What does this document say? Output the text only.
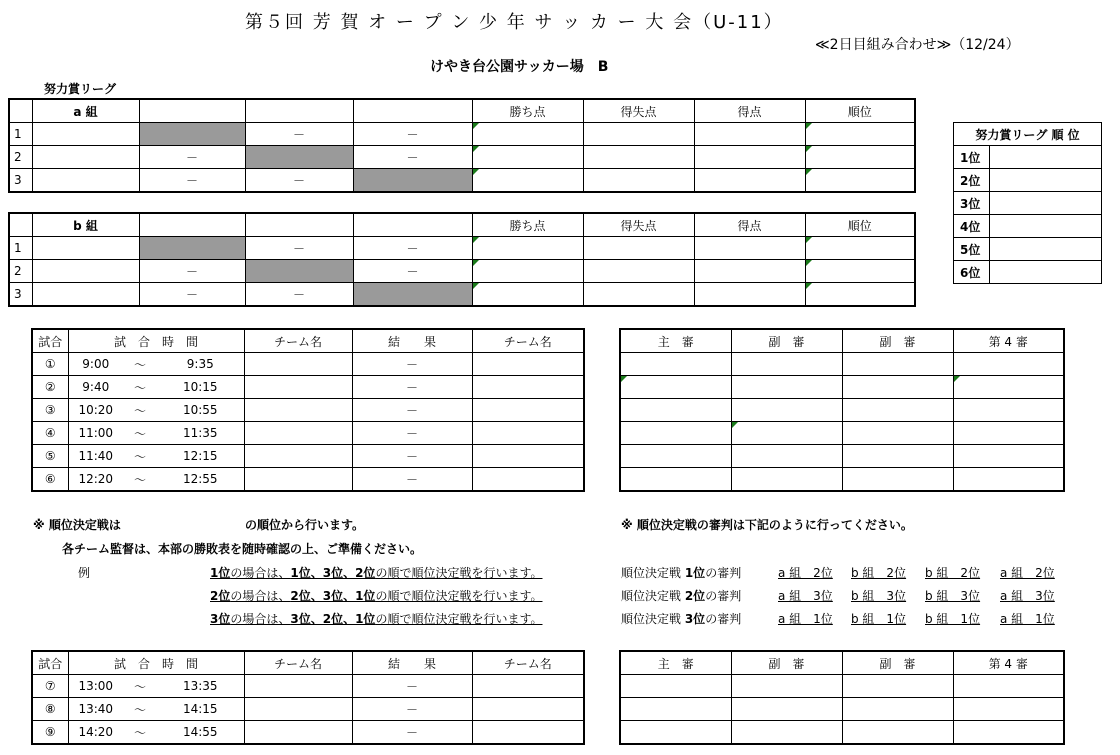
第５回 芳 賀 オ ー プ ン 少 年 サ ッ カ ー 大 会（U-11）
≪2日目組み合わせ≫（12/24）
けやき台公園サッカー場　B
努力賞リーグ
	a 組				勝ち点	得失点	得点	順位
1			－	－				
2		－		－				
3		－	－					
	b 組				勝ち点	得失点	得点	順位
1			－	－				
2		－		－				
3		－	－					
努力賞リーグ 順 位	
1位	
2位	
3位	
4位	
5位	
6位	
試合	試　合　時　間			チーム名	結　　果	チーム名
①	9:00	～	9:35		－	
②	9:40	～	10:15		－	
③	10:20	～	10:55		－	
④	11:00	～	11:35		－	
⑤	11:40	～	12:15		－	
⑥	12:20	～	12:55		－	
主　審	副　審	副　審	第 4 審

※ 順位決定戦は	の順位から行います。
各チーム監督は、本部の勝敗表を随時確認の上、ご準備ください。
例	1位の場合は、1位、3位、2位の順で順位決定戦を行います。
2位の場合は、2位、3位、1位の順で順位決定戦を行います。
3位の場合は、3位、2位、1位の順で順位決定戦を行います。
※ 順位決定戦の審判は下記のように行ってください。
順位決定戦 1位の審判	a 組　2位 b 組　2位 b 組　2位 a 組　2位
順位決定戦 2位の審判	a 組　3位 b 組　3位 b 組　3位 a 組　3位
順位決定戦 3位の審判	a 組　1位 b 組　1位 b 組　1位 a 組　1位
試合	試　合　時　間			チーム名	結　　果	チーム名
⑦	13:00	～	13:35		－	
⑧	13:40	～	14:15		－	
⑨	14:20	～	14:55		－	
主　審	副　審	副　審	第 4 審
